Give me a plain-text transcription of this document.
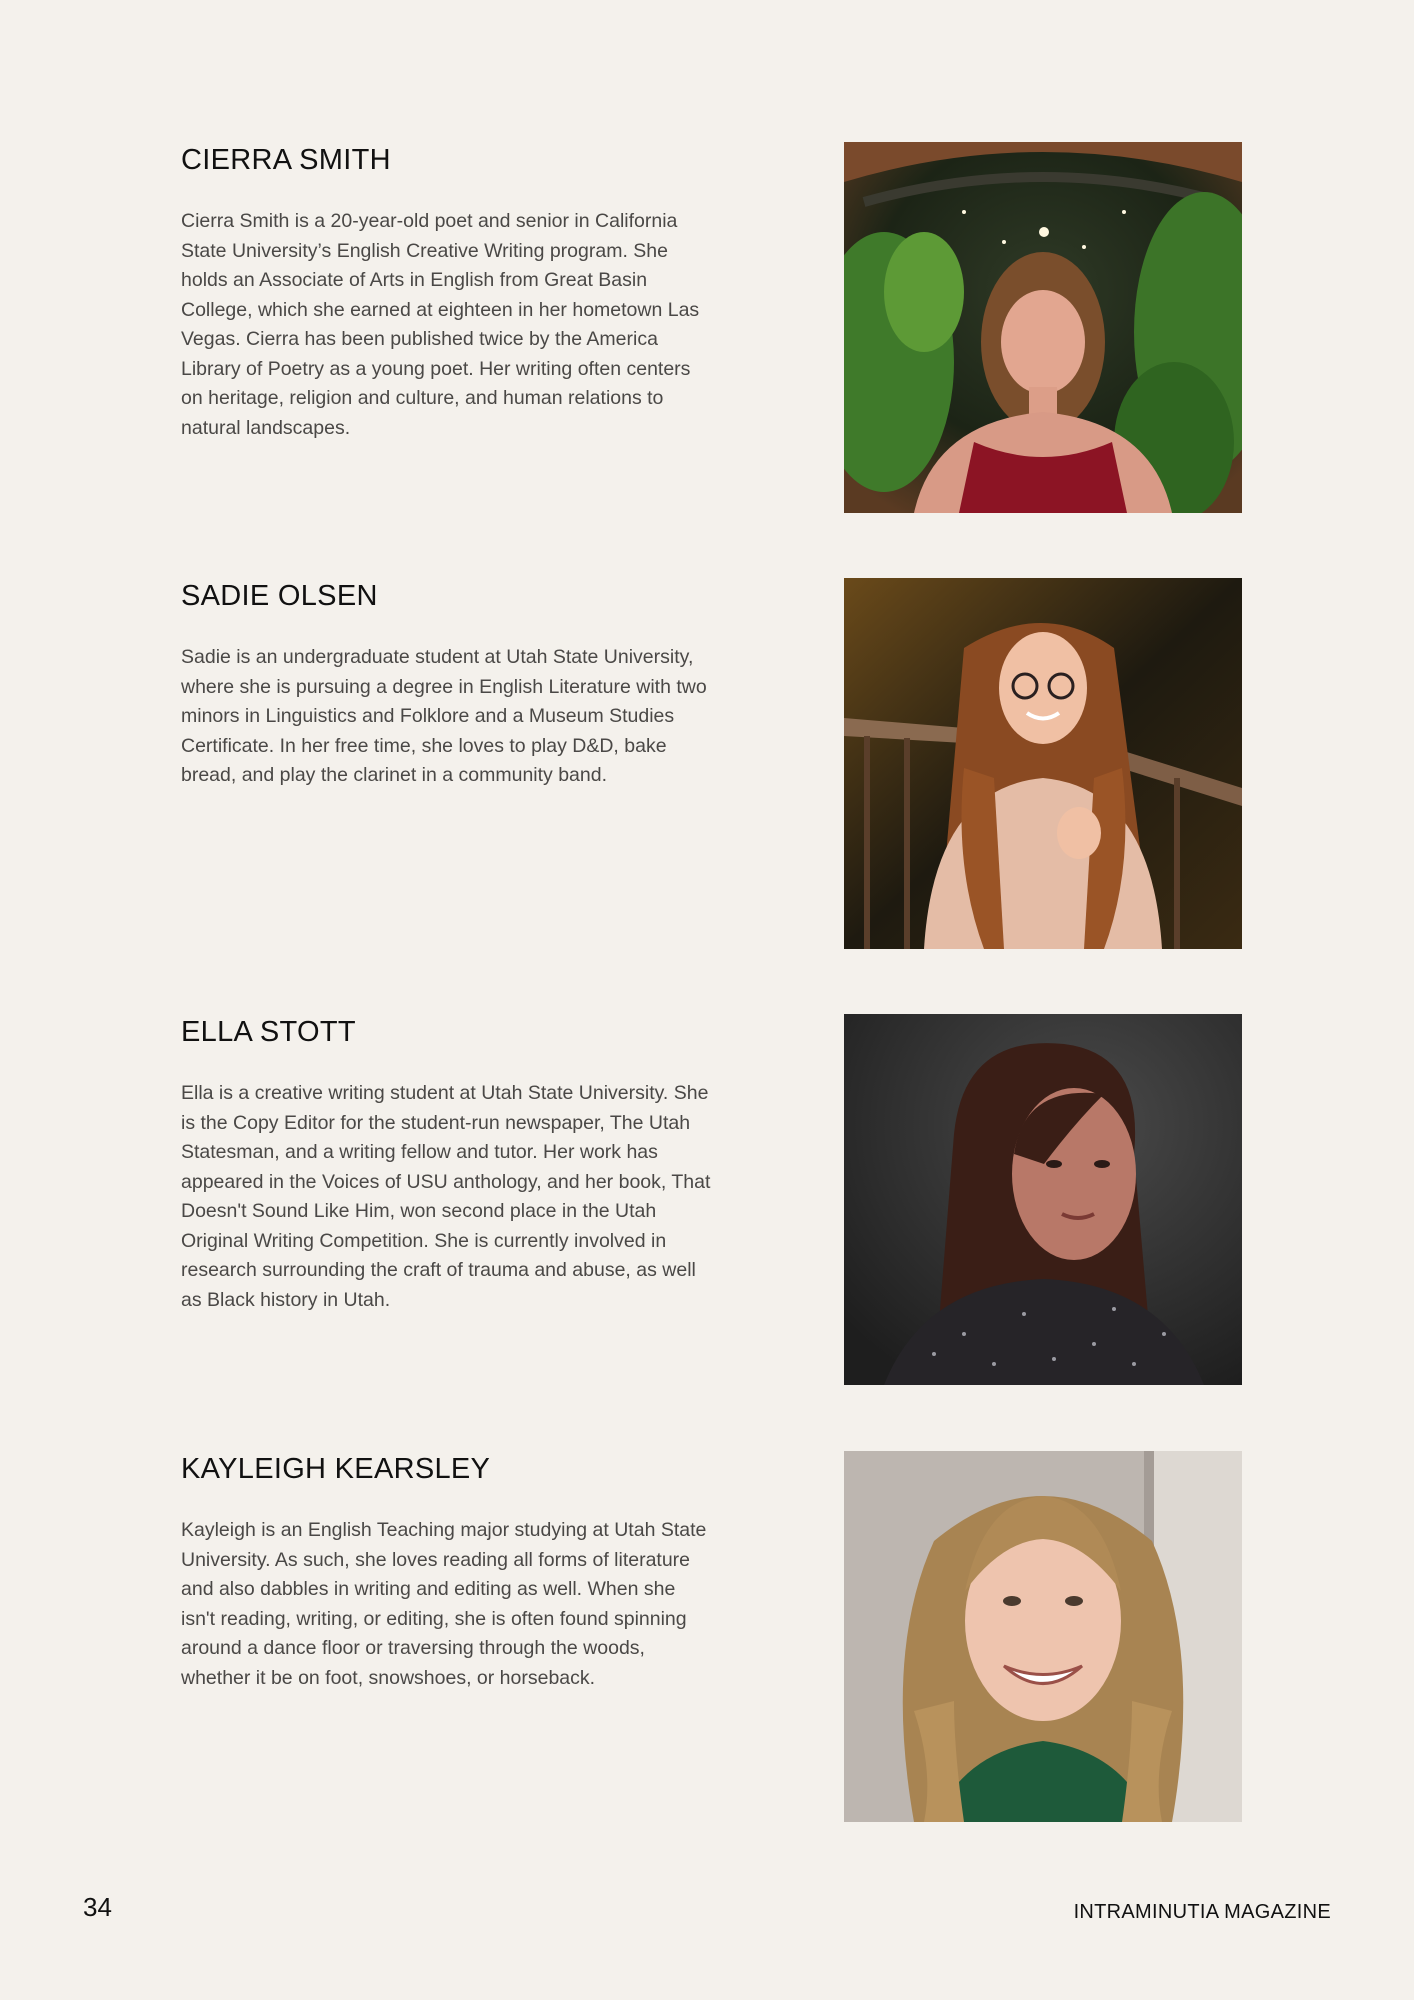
CIERRA SMITH

Cierra Smith is a 20-year-old poet and senior in California State University’s English Creative Writing program. She holds an Associate of Arts in English from Great Basin College, which she earned at eighteen in her hometown Las Vegas. Cierra has been published twice by the America Library of Poetry as a young poet. Her writing often centers on heritage, religion and culture, and human relations to natural landscapes.

SADIE OLSEN

Sadie is an undergraduate student at Utah State University, where she is pursuing a degree in English Literature with two minors in Linguistics and Folklore and a Museum Studies Certificate. In her free time, she loves to play D&D, bake bread, and play the clarinet in a community band.

ELLA STOTT

Ella is a creative writing student at Utah State University. She is the Copy Editor for the student-run newspaper, The Utah Statesman, and a writing fellow and tutor. Her work has appeared in the Voices of USU anthology, and her book, That Doesn't Sound Like Him, won second place in the Utah Original Writing Competition. She is currently involved in research surrounding the craft of trauma and abuse, as well as Black history in Utah.

KAYLEIGH KEARSLEY

Kayleigh is an English Teaching major studying at Utah State University. As such, she loves reading all forms of literature and also dabbles in writing and editing as well. When she isn't reading, writing, or editing, she is often found spinning around a dance floor or traversing through the woods, whether it be on foot, snowshoes, or horseback.

34	INTRAMINUTIA MAGAZINE
